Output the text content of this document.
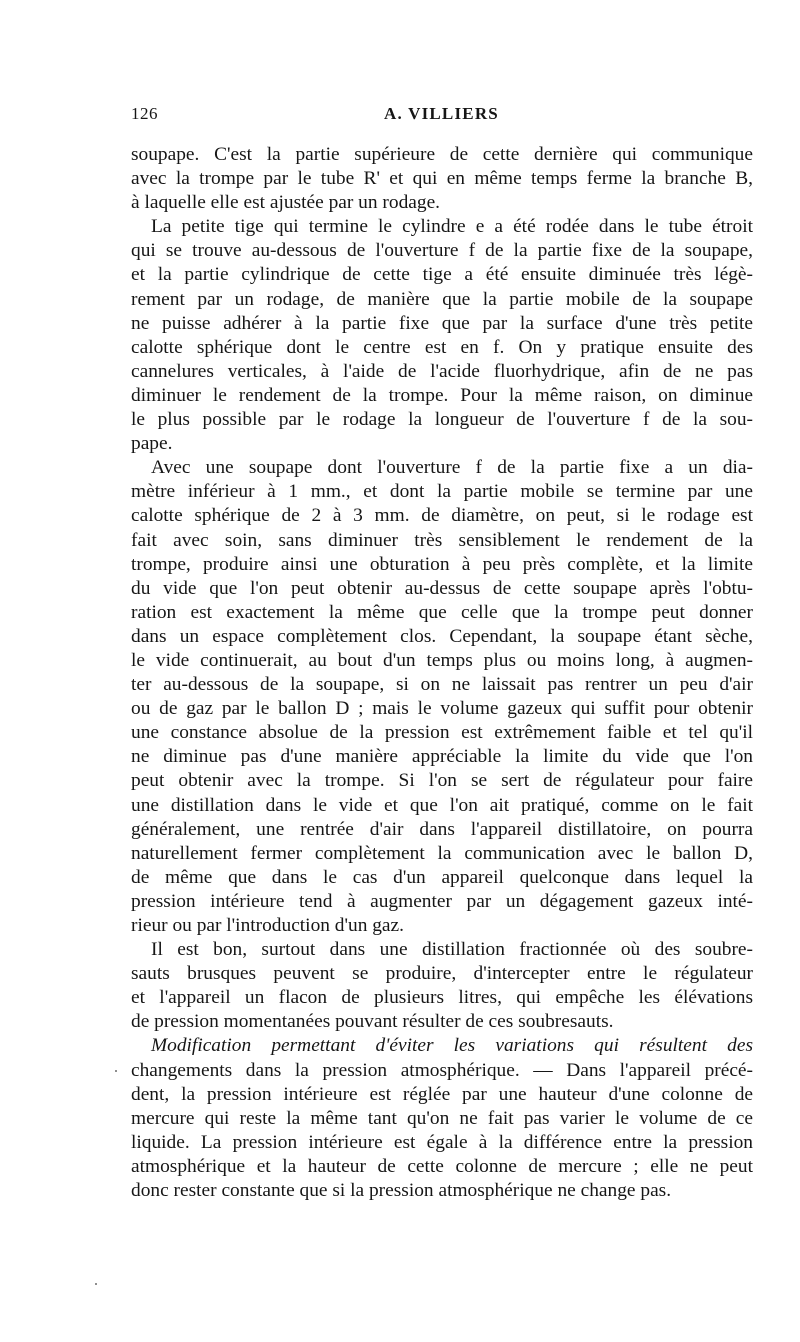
126	A. VILLIERS
soupape. C'est la partie supérieure de cette dernière qui communique
avec la trompe par le tube R' et qui en même temps ferme la branche B,
à laquelle elle est ajustée par un rodage.
La petite tige qui termine le cylindre e a été rodée dans le tube étroit
qui se trouve au-dessous de l'ouverture f de la partie fixe de la soupape,
et la partie cylindrique de cette tige a été ensuite diminuée très légè-
rement par un rodage, de manière que la partie mobile de la soupape
ne puisse adhérer à la partie fixe que par la surface d'une très petite
calotte sphérique dont le centre est en f. On y pratique ensuite des
cannelures verticales, à l'aide de l'acide fluorhydrique, afin de ne pas
diminuer le rendement de la trompe. Pour la même raison, on diminue
le plus possible par le rodage la longueur de l'ouverture f de la sou-
pape.
Avec une soupape dont l'ouverture f de la partie fixe a un dia-
mètre inférieur à 1 mm., et dont la partie mobile se termine par une
calotte sphérique de 2 à 3 mm. de diamètre, on peut, si le rodage est
fait avec soin, sans diminuer très sensiblement le rendement de la
trompe, produire ainsi une obturation à peu près complète, et la limite
du vide que l'on peut obtenir au-dessus de cette soupape après l'obtu-
ration est exactement la même que celle que la trompe peut donner
dans un espace complètement clos. Cependant, la soupape étant sèche,
le vide continuerait, au bout d'un temps plus ou moins long, à augmen-
ter au-dessous de la soupape, si on ne laissait pas rentrer un peu d'air
ou de gaz par le ballon D ; mais le volume gazeux qui suffit pour obtenir
une constance absolue de la pression est extrêmement faible et tel qu'il
ne diminue pas d'une manière appréciable la limite du vide que l'on
peut obtenir avec la trompe. Si l'on se sert de régulateur pour faire
une distillation dans le vide et que l'on ait pratiqué, comme on le fait
généralement, une rentrée d'air dans l'appareil distillatoire, on pourra
naturellement fermer complètement la communication avec le ballon D,
de même que dans le cas d'un appareil quelconque dans lequel la
pression intérieure tend à augmenter par un dégagement gazeux inté-
rieur ou par l'introduction d'un gaz.
Il est bon, surtout dans une distillation fractionnée où des soubre-
sauts brusques peuvent se produire, d'intercepter entre le régulateur
et l'appareil un flacon de plusieurs litres, qui empêche les élévations
de pression momentanées pouvant résulter de ces soubresauts.
Modification permettant d'éviter les variations qui résultent des
changements dans la pression atmosphérique. — Dans l'appareil précé-
dent, la pression intérieure est réglée par une hauteur d'une colonne de
mercure qui reste la même tant qu'on ne fait pas varier le volume de ce
liquide. La pression intérieure est égale à la différence entre la pression
atmosphérique et la hauteur de cette colonne de mercure ; elle ne peut
donc rester constante que si la pression atmosphérique ne change pas.
